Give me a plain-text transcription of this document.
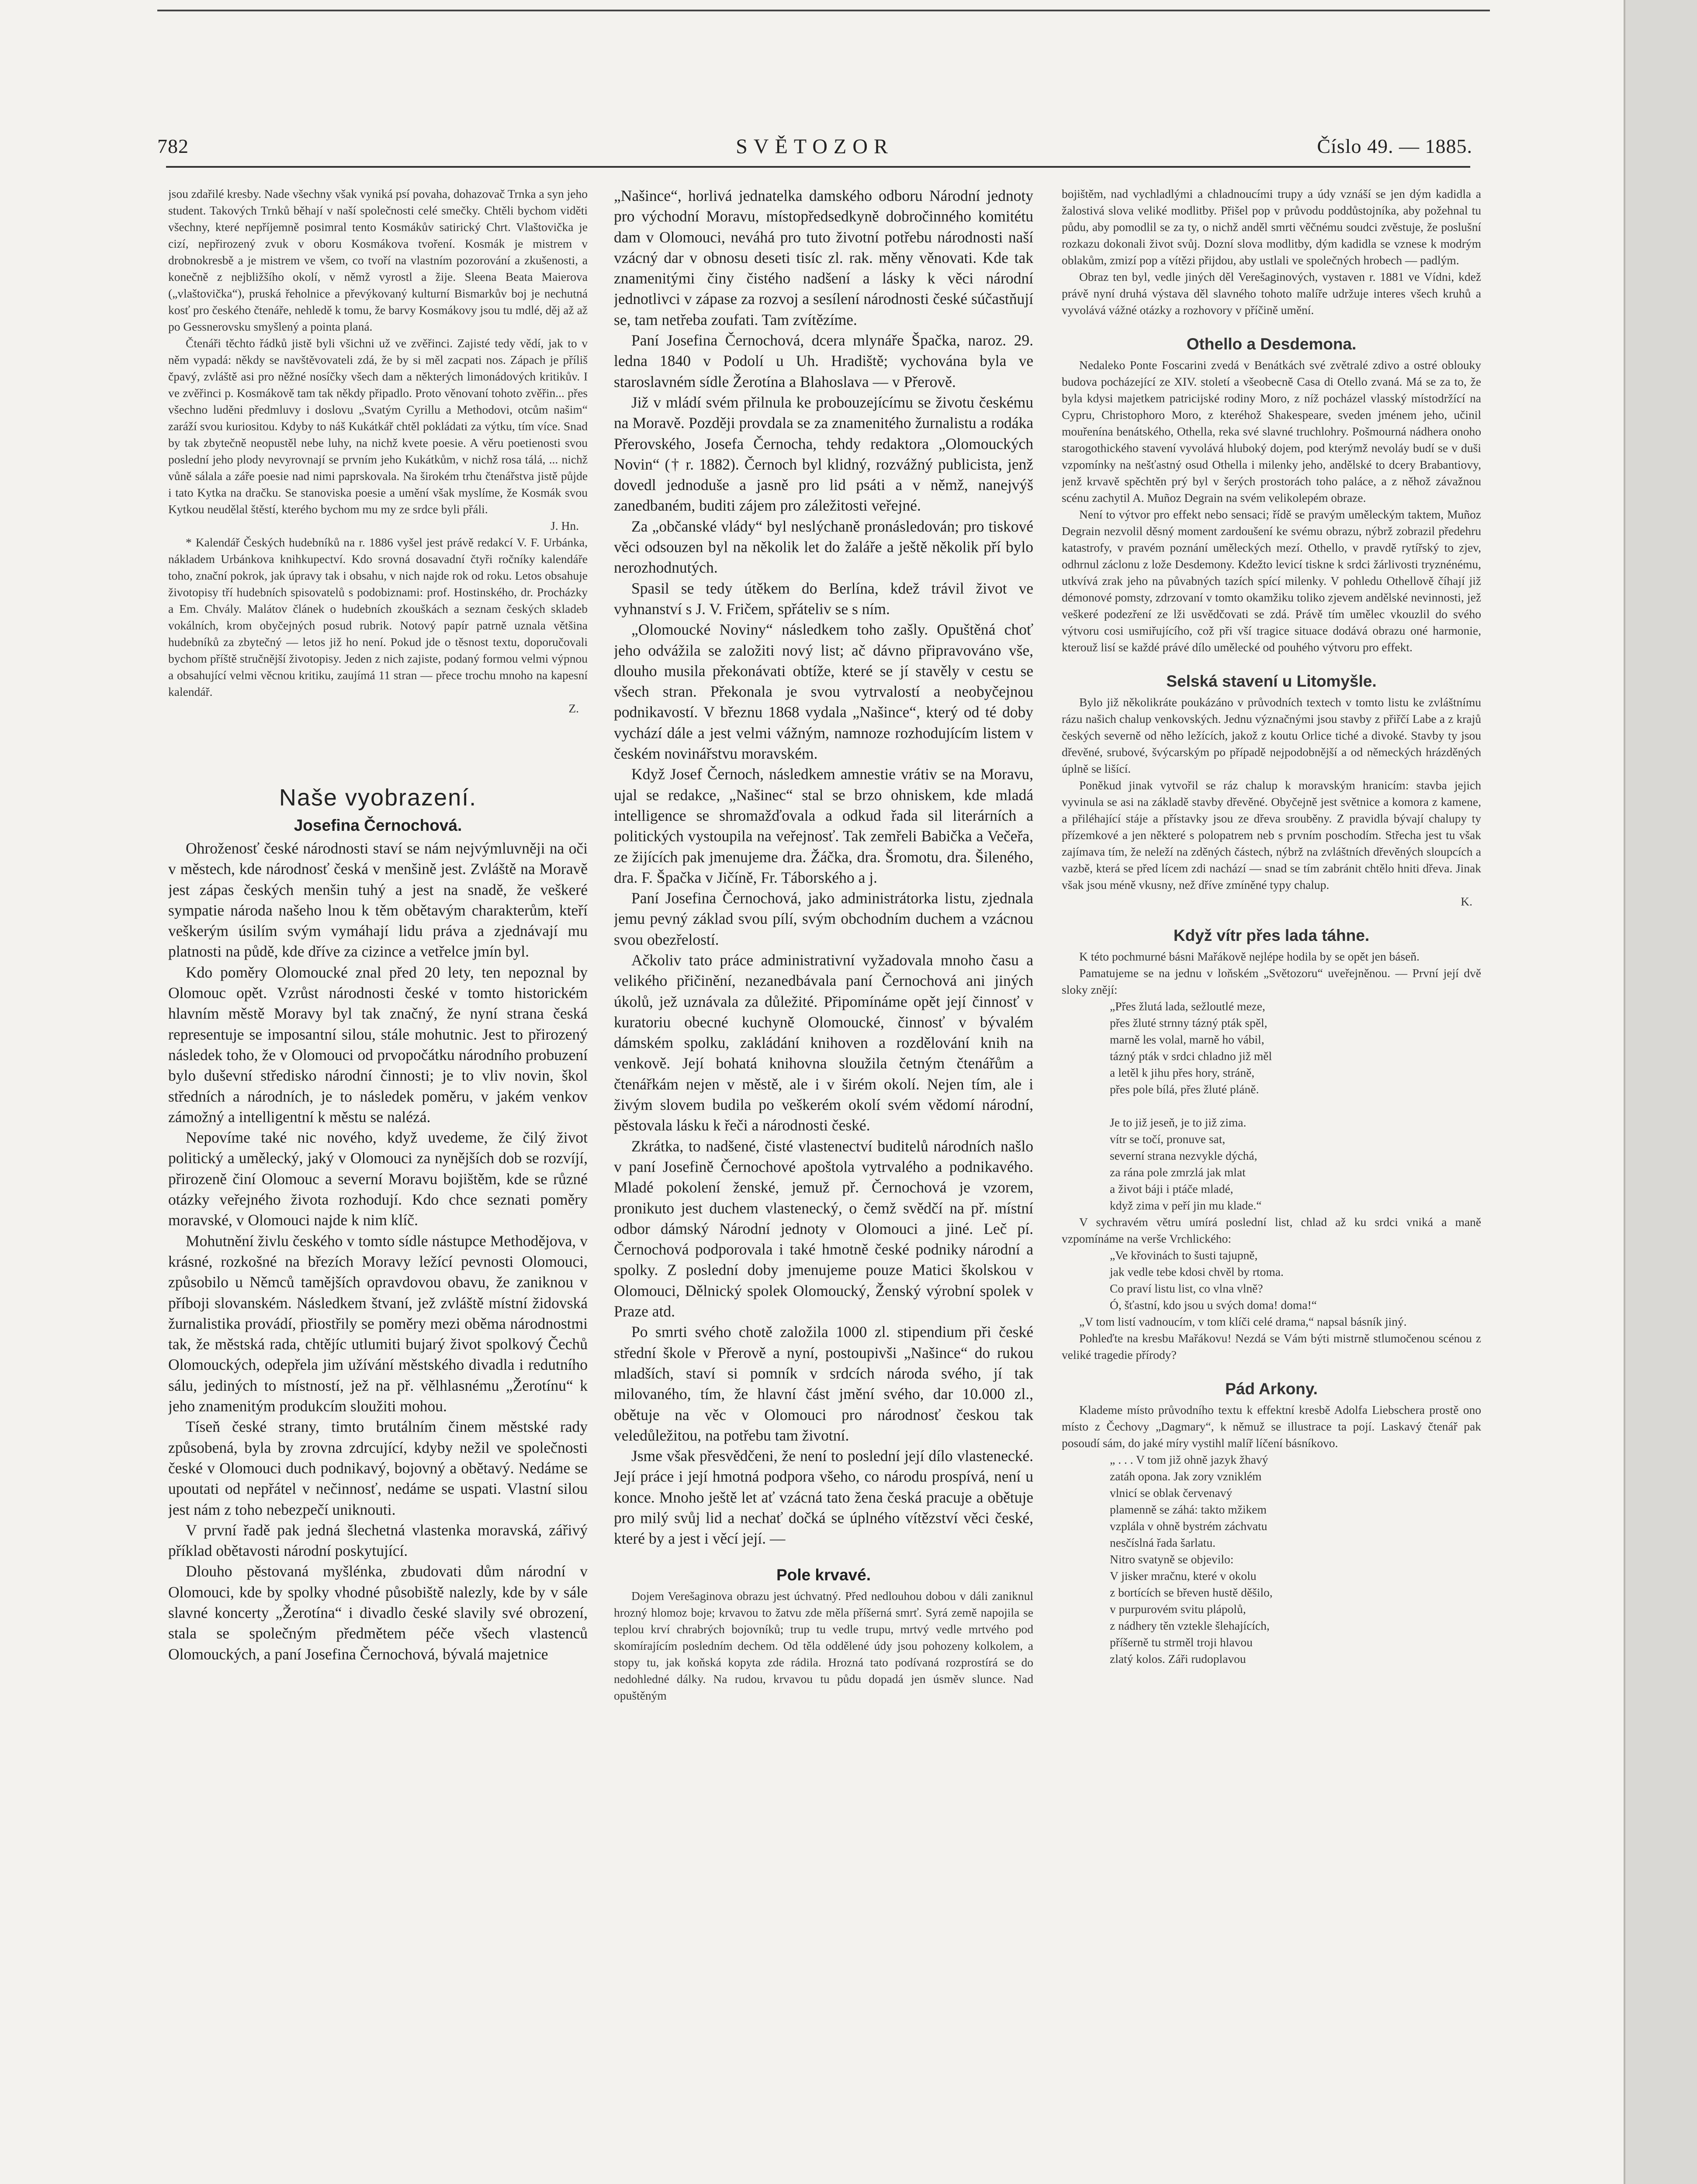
782	SVĚTOZOR	Číslo 49. — 1885.

jsou zdařilé kresby. Nade všechny však vyniká psí povaha, dohazovač Trnka a syn jeho student. Takových Trnků běhají v naší společnosti celé smečky. Chtěli bychom viděti všechny, které nepříjemně posimral tento Kosmákův satirický Chrt. Vlaštovička je cizí, nepřirozený zvuk v oboru Kosmákova tvoření. Kosmák je mistrem v drobnokresbě a je mistrem ve všem, co tvoří na vlastním pozorování a zkušenosti, a konečně z nejbližšího okolí, v němž vyrostl a žije. Sleena Beata Maierova („vlaštovička“), pruská řeholnice a převýkovaný kulturní Bismarkův boj je nechutná kosť pro českého čtenáře, nehledě k tomu, že barvy Kosmákovy jsou tu mdlé, děj až až po Gessnerovsku smyšlený a pointa planá.

Čtenáři těchto řádků jistě byli všichni už ve zvěřinci. Zajisté tedy vědí, jak to v něm vypadá: někdy se navštěvovateli zdá, že by si měl zacpati nos. Zápach je příliš čpavý, zvláště asi pro něžné nosíčky všech dam a některých limonádových kritikův. I ve zvěřinci p. Kosmákově tam tak někdy připadlo. Proto věnovaní tohoto zvěřin... přes všechno luděni předmluvy i doslovu „Svatým Cyrillu a Methodovi, otcům našim“ zaráží svou kuriositou. Kdyby to náš Kukátkář chtěl pokládati za výtku, tím více. Snad by tak zbytečně neopustěl nebe luhy, na nichž kvete poesie. A věru poetienosti svou poslední jeho plody nevyrovnají se prvním jeho Kukátkům, v nichž rosa tálá, ... nichž vůně sálala a záře poesie nad nimi paprskovala. Na širokém trhu čtenářstva jistě půjde i tato Kytka na dračku. Se stanoviska poesie a umění však myslíme, že Kosmák svou Kytkou neudělal štěstí, kterého bychom mu my ze srdce byli přáli.

J. Hn.

* Kalendář Českých hudebníků na r. 1886 vyšel jest právě redakcí V. F. Urbánka, nákladem Urbánkova knihkupectví. Kdo srovná dosavadní čtyři ročníky kalendáře toho, znační pokrok, jak úpravy tak i obsahu, v nich najde rok od roku. Letos obsahuje životopisy tří hudebních spisovatelů s podobiznami: prof. Hostinského, dr. Procházky a Em. Chvály. Malátov článek o hudebních zkouškách a seznam českých skladeb vokálních, krom obyčejných posud rubrik. Notový papír patrně uznala většina hudebníků za zbytečný — letos již ho není. Pokud jde o těsnost textu, doporučovali bychom příště stručnější životopisy. Jeden z nich zajiste, podaný formou velmi výpnou a obsahující velmi věcnou kritiku, zaujímá 11 stran — přece trochu mnoho na kapesní kalendář.

Z.
Naše vyobrazení.
Josefina Černochová.

Ohroženosť české národnosti staví se nám nejvýmluvněji na oči v městech, kde národnosť česká v menšině jest. Zvláště na Moravě jest zápas českých menšin tuhý a jest na snadě, že veškeré sympatie národa našeho lnou k těm obětavým charakterům, kteří veškerým úsilím svým vymáhají lidu práva a zjednávají mu platnosti na půdě, kde dříve za cizince a vetřelce jmín byl.

Kdo poměry Olomoucké znal před 20 lety, ten nepoznal by Olomouc opět. Vzrůst národnosti české v tomto historickém hlavním městě Moravy byl tak značný, že nyní strana česká representuje se imposantní silou, stále mohutnic. Jest to přirozený následek toho, že v Olomouci od prvopočátku národního probuzení bylo duševní středisko národní činnosti; je to vliv novin, škol středních a národních, je to následek poměru, v jakém venkov zámožný a intelligentní k městu se nalézá.

Nepovíme také nic nového, když uvedeme, že čilý život politický a umělecký, jaký v Olomouci za nynějších dob se rozvíjí, přirozeně činí Olomouc a severní Moravu bojištěm, kde se různé otázky veřejného života rozhodují. Kdo chce seznati poměry moravské, v Olomouci najde k nim klíč.

Mohutnění živlu českého v tomto sídle nástupce Methodějova, v krásné, rozkošné na březích Moravy ležící pevnosti Olomouci, způsobilo u Němců tamějších opravdovou obavu, že zaniknou v příboji slovanském. Následkem štvaní, jež zvláště místní židovská žurnalistika provádí, přiostřily se poměry mezi oběma národnostmi tak, že městská rada, chtějíc utlumiti bujarý život spolkový Čechů Olomouckých, odepřela jim užívání městského divadla i redutního sálu, jediných to místností, jež na př. vělhlasnému „Žerotínu“ k jeho znamenitým produkcím sloužiti mohou.

Tíseň české strany, timto brutálním činem městské rady způsobená, byla by zrovna zdrcující, kdyby nežil ve společnosti české v Olomouci duch podnikavý, bojovný a obětavý. Nedáme se upoutati od nepřátel v nečinnosť, nedáme se uspati. Vlastní silou jest nám z toho nebezpečí uniknouti.

V první řadě pak jedná šlechetná vlastenka moravská, zářivý příklad obětavosti národní poskytující.

Dlouho pěstovaná myšlénka, zbudovati dům národní v Olomouci, kde by spolky vhodné působiště nalezly, kde by v sále slavné koncerty „Žerotína“ i divadlo české slavily své obrození, stala se společným předmětem péče všech vlastenců Olomouckých, a paní Josefina Černochová, bývalá majetnice

„Našince“, horlivá jednatelka damského odboru Národní jednoty pro východní Moravu, místopředsedkyně dobročinného komitétu dam v Olomouci, neváhá pro tuto životní potřebu národnosti naší vzácný dar v obnosu deseti tisíc zl. rak. měny věnovati. Kde tak znamenitými činy čistého nadšení a lásky k věci národní jednotlivci v zápase za rozvoj a sesílení národnosti české súčastňují se, tam netřeba zoufati. Tam zvítězíme.

Paní Josefina Černochová, dcera mlynáře Špačka, naroz. 29. ledna 1840 v Podolí u Uh. Hradiště; vychována byla ve staroslavném sídle Žerotína a Blahoslava — v Přerově.

Již v mládí svém přilnula ke probouzejícímu se životu českému na Moravě. Později provdala se za znamenitého žurnalistu a rodáka Přerovského, Josefa Černocha, tehdy redaktora „Olomouckých Novin“ († r. 1882). Černoch byl klidný, rozvážný publicista, jenž dovedl jednoduše a jasně pro lid psáti a v němž, nanejvýš zanedbaném, buditi zájem pro záležitosti veřejné.

Za „občanské vlády“ byl neslýchaně pronásledován; pro tiskové věci odsouzen byl na několik let do žaláře a ještě několik pří bylo nerozhodnutých.

Spasil se tedy útěkem do Berlína, kdež trávil život ve vyhnanství s J. V. Fričem, spřáteliv se s ním.

„Olomoucké Noviny“ následkem toho zašly. Opuštěná choť jeho odvážila se založiti nový list; ač dávno připravováno vše, dlouho musila překonávati obtíže, které se jí stavěly v cestu se všech stran. Překonala je svou vytrvalostí a neobyčejnou podnikavostí. V březnu 1868 vydala „Našince“, který od té doby vychází dále a jest velmi vážným, namnoze rozhodujícím listem v českém novinářstvu moravském.

Když Josef Černoch, následkem amnestie vrátiv se na Moravu, ujal se redakce, „Našinec“ stal se brzo ohniskem, kde mladá intelligence se shromažďovala a odkud řada sil literárních a politických vystoupila na veřejnosť. Tak zemřeli Babička a Večeřa, ze žijících pak jmenujeme dra. Žáčka, dra. Šromotu, dra. Šileného, dra. F. Špačka v Jičíně, Fr. Táborského a j.

Paní Josefina Černochová, jako administrátorka listu, zjednala jemu pevný základ svou pílí, svým obchodním duchem a vzácnou svou obezřelostí.

Ačkoliv tato práce administrativní vyžadovala mnoho času a velikého přičinění, nezanedbávala paní Černochová ani jiných úkolů, jež uznávala za důležité. Připomínáme opět její činnosť v kuratoriu obecné kuchyně Olomoucké, činnosť v bývalém dámském spolku, zakládání knihoven a rozdělování knih na venkově. Její bohatá knihovna sloužila četným čtenářům a čtenářkám nejen v městě, ale i v širém okolí. Nejen tím, ale i živým slovem budila po veškerém okolí svém vědomí národní, pěstovala lásku k řeči a národnosti české.

Zkrátka, to nadšené, čisté vlastenectví buditelů národních našlo v paní Josefině Černochové apoštola vytrvalého a podnikavého. Mladé pokolení ženské, jemuž př. Černochová je vzorem, pronikuto jest duchem vlastenecký, o čemž svědčí na př. místní odbor dámský Národní jednoty v Olomouci a jiné. Leč pí. Černochová podporovala i také hmotně české podniky národní a spolky. Z poslední doby jmenujeme pouze Matici školskou v Olomouci, Dělnický spolek Olomoucký, Ženský výrobní spolek v Praze atd.

Po smrti svého chotě založila 1000 zl. stipendium při české střední škole v Přerově a nyní, postoupivši „Našince“ do rukou mladších, staví si pomník v srdcích národa svého, jí tak milovaného, tím, že hlavní část jmění svého, dar 10.000 zl., obětuje na věc v Olomouci pro národnosť českou tak veledůležitou, na potřebu tam životní.

Jsme však přesvědčeni, že není to poslední její dílo vlastenecké. Její práce i její hmotná podpora všeho, co národu prospívá, není u konce. Mnoho ještě let ať vzácná tato žena česká pracuje a obětuje pro milý svůj lid a nechať dočká se úplného vítězství věci české, které by a jest i věcí její. —

Pole krvavé.

Dojem Verešaginova obrazu jest úchvatný. Před nedlouhou dobou v dáli zaniknul hrozný hlomoz boje; krvavou to žatvu zde měla příšerná smrť. Syrá země napojila se teplou krví chrabrých bojovníků; trup tu vedle trupu, mrtvý vedle mrtvého pod skomírajícím posledním dechem. Od těla oddělené údy jsou pohozeny kolkolem, a stopy tu, jak koňská kopyta zde rádila. Hrozná tato podívaná rozprostírá se do nedohledné dálky. Na rudou, krvavou tu půdu dopadá jen úsměv slunce. Nad opuštěným

bojištěm, nad vychladlými a chladnoucími trupy a údy vznáší se jen dým kadidla a žalostivá slova veliké modlitby. Přišel pop v průvodu poddůstojníka, aby požehnal tu půdu, aby pomodlil se za ty, o nichž anděl smrti věčnému soudci zvěstuje, že poslušní rozkazu dokonali život svůj. Dozní slova modlitby, dým kadidla se vznese k modrým oblakům, zmizí pop a vítězi přijdou, aby ustlali ve společných hrobech — padlým.

Obraz ten byl, vedle jiných děl Verešaginových, vystaven r. 1881 ve Vídni, kdež právě nyní druhá výstava děl slavného tohoto malíře udržuje interes všech kruhů a vyvolává vážné otázky a rozhovory v příčině umění.

Othello a Desdemona.

Nedaleko Ponte Foscarini zvedá v Benátkách své zvětralé zdivo a ostré oblouky budova pocházející ze XIV. století a všeobecně Casa di Otello zvaná. Má se za to, že byla kdysi majetkem patricijské rodiny Moro, z níž pocházel vlasský místodržící na Cypru, Christophoro Moro, z kteréhož Shakespeare, sveden jménem jeho, učinil mouřenína benátského, Othella, reka své slavné truchlohry. Pošmourná nádhera onoho starogothického stavení vyvolává hluboký dojem, pod kterýmž nevoláy budí se v duši vzpomínky na nešťastný osud Othella i milenky jeho, andělské to dcery Brabantiovy, jenž krvavě spěchtěn prý byl v šerých prostorách toho paláce, a z něhož závažnou scénu zachytil A. Muñoz Degrain na svém velikolepém obraze.

Není to výtvor pro effekt nebo sensaci; řídě se pravým uměleckým taktem, Muñoz Degrain nezvolil děsný moment zardoušení ke svému obrazu, nýbrž zobrazil předehru katastrofy, v pravém poznání uměleckých mezí. Othello, v pravdě rytířský to zjev, odhrnul záclonu z lože Desdemony. Kdežto levicí tiskne k srdci žárlivosti tryznénému, utkvívá zrak jeho na půvabných tazích spící milenky. V pohledu Othellově číhají již démonové pomsty, zdrzovaní v tomto okamžiku toliko zjevem andělské nevinnosti, jež veškeré podezření ze lži usvědčovati se zdá. Právě tím umělec vkouzlil do svého výtvoru cosi usmiřujícího, což při vší tragice situace dodává obrazu oné harmonie, kterouž lisí se každé právé dílo umělecké od pouhého výtvoru pro effekt.

Selská stavení u Litomyšle.

Bylo již několikráte poukázáno v průvodních textech v tomto listu ke zvláštnímu rázu našich chalup venkovských. Jednu význačnými jsou stavby z přiřčí Labe a z krajů českých severně od něho ležících, jakož z koutu Orlice tiché a divoké. Stavby ty jsou dřevěné, srubové, švýcarským po případě nejpodobnější a od německých hrázděných úplně se lišící.

Poněkud jinak vytvořil se ráz chalup k moravským hranicím: stavba jejich vyvinula se asi na základě stavby dřevěné. Obyčejně jest světnice a komora z kamene, a přiléhající stáje a přístavky jsou ze dřeva srouběny. Z pravidla bývají chalupy ty přízemkové a jen některé s polopatrem neb s prvním poschodím. Střecha jest tu však zajímava tím, že neleží na zděných částech, nýbrž na zvláštních dřevěných sloupcích a vazbě, která se před lícem zdi nachází — snad se tím zabránit chtělo hniti dřeva. Jinak však jsou méně vkusny, než dříve zmíněné typy chalup.

K.
Když vítr přes lada táhne.

K této pochmurné básni Mařákově nejlépe hodila by se opět jen báseň.

Pamatujeme se na jednu v loňském „Světozoru“ uveřejněnou. — První její dvě sloky znějí:

„Přes žlutá lada, sežloutlé meze,
přes žluté strnny tázný pták spěl,
marně les volal, marně ho vábil,
tázný pták v srdci chladno již měl
a letěl k jihu přes hory, stráně,
přes pole bílá, přes žluté pláně.

Je to již jeseň, je to již zima.
vítr se točí, pronuve sat,
severní strana nezvykle dýchá,
za rána pole zmrzlá jak mlat
a život báji i ptáče mladé,
když zima v peří jin mu klade.“

V sychravém větru umírá poslední list, chlad až ku srdci vniká a maně vzpomínáme na verše Vrchlického:

„Ve křovinách to šusti tajupně,
jak vedle tebe kdosi chvěl by rtoma.
Co praví listu list, co vlna vlně?
Ó, šťastní, kdo jsou u svých doma! doma!“

„V tom listí vadnoucím, v tom klíči celé drama,“ napsal básník jiný.

Pohleďte na kresbu Mařákovu! Nezdá se Vám býti mistrně stlumočenou scénou z veliké tragedie přírody?

Pád Arkony.

Klademe místo průvodního textu k effektní kresbě Adolfa Liebschera prostě ono místo z Čechovy „Dagmary“, k němuž se illustrace ta pojí. Laskavý čtenář pak posoudí sám, do jaké míry vystihl malíř líčení básníkovo.

„ . . . V tom již ohně jazyk žhavý
zatáh opona. Jak zory vzniklém
vlnicí se oblak červenavý
plamenně se záhá: takto mžikem
vzplála v ohně bystrém záchvatu
nesčíslná řada šarlatu.
Nitro svatyně se objevilo:
V jisker mračnu, které v okolu
z bortících se břeven hustě děšilo,
v purpurovém svitu plápolů,
z nádhery těn vztekle šlehajících,
příšerně tu strměl troji hlavou
zlatý kolos. Záři rudoplavou
